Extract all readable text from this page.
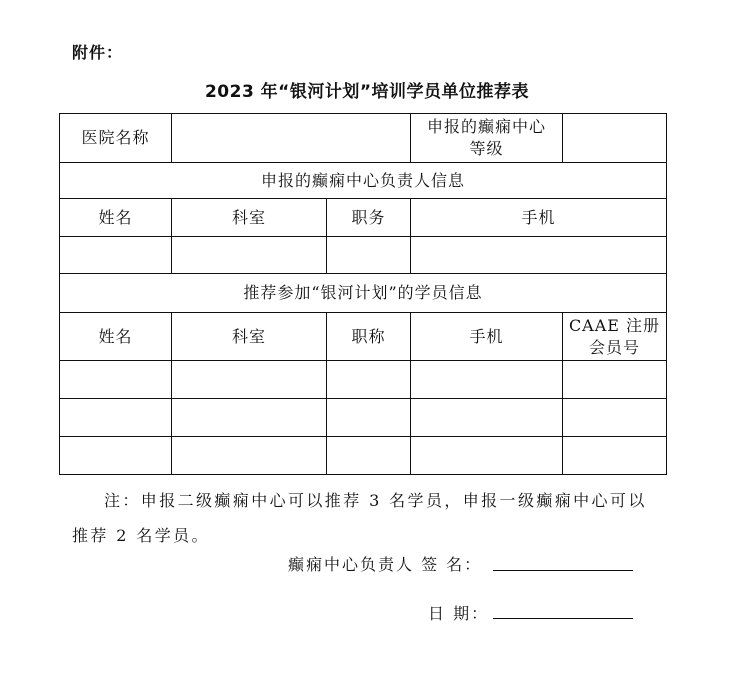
附件：
2023 年“银河计划”培训学员单位推荐表
医院名称			申报的癫痫中心
等级	
申报的癫痫中心负责人信息				
姓名	科室	职务	手机	

推荐参加“银河计划”的学员信息				
姓名	科室	职称	手机	CAAE 注册
会员号

注：申报二级癫痫中心可以推荐 3 名学员，申报一级癫痫中心可以
推荐 2 名学员。
癫痫中心负责人 签 名：
日 期：
